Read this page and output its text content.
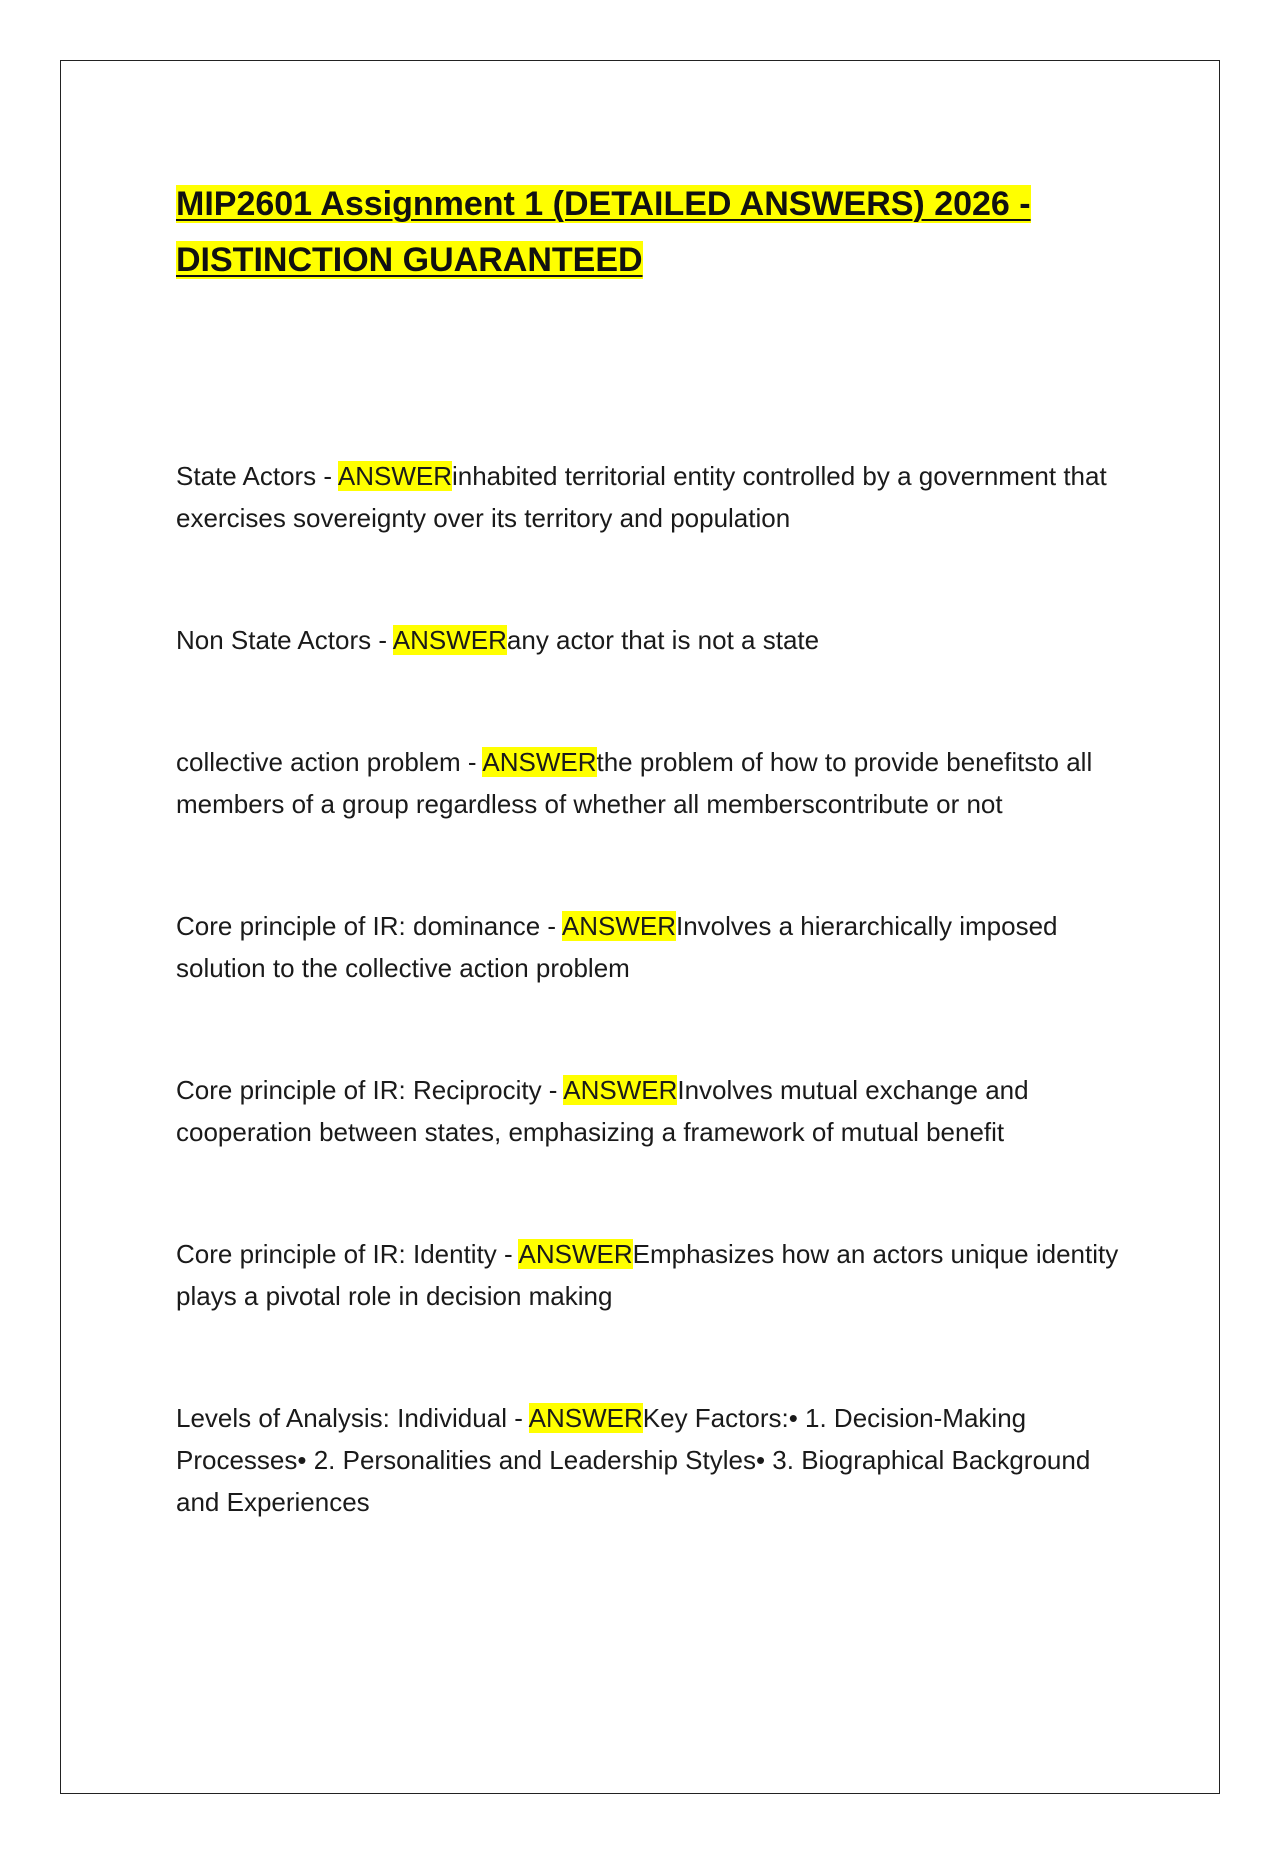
MIP2601 Assignment 1 (DETAILED ANSWERS) 2026 - DISTINCTION GUARANTEED

State Actors - ANSWERinhabited territorial entity controlled by a government that exercises sovereignty over its territory and population

Non State Actors - ANSWERany actor that is not a state

collective action problem - ANSWERthe problem of how to provide benefitsto all members of a group regardless of whether all memberscontribute or not

Core principle of IR: dominance - ANSWERInvolves a hierarchically imposed solution to the collective action problem

Core principle of IR: Reciprocity - ANSWERInvolves mutual exchange and cooperation between states, emphasizing a framework of mutual benefit

Core principle of IR: Identity - ANSWEREmphasizes how an actors unique identity plays a pivotal role in decision making

Levels of Analysis: Individual - ANSWERKey Factors:• 1. Decision-Making Processes• 2. Personalities and Leadership Styles• 3. Biographical Background and Experiences
